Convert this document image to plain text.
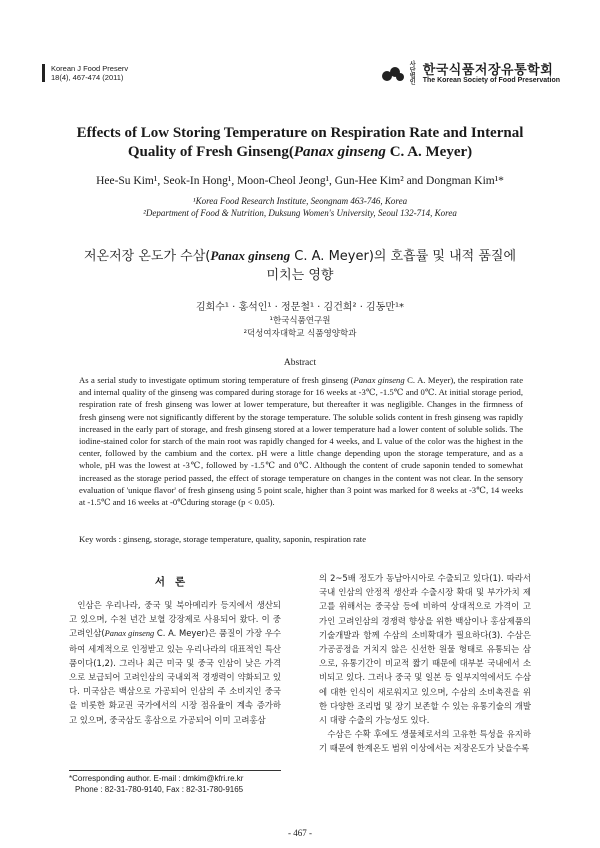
Korean J Food Preserv
18(4), 467-474 (2011)
사단법인
한국식품저장유통학회
The Korean Society of Food Preservation
Effects of Low Storing Temperature on Respiration Rate and Internal
Quality of Fresh Ginseng(Panax ginseng C. A. Meyer)
Hee-Su Kim¹, Seok-In Hong¹, Moon-Cheol Jeong¹, Gun-Hee Kim² and Dongman Kim¹*
¹Korea Food Research Institute, Seongnam 463-746, Korea
²Department of Food & Nutrition, Duksung Women's University, Seoul 132-714, Korea
저온저장 온도가 수삼(Panax ginseng C. A. Meyer)의 호흡률 및 내적 품질에
미치는 영향
김희수¹ · 홍석인¹ · 정문철¹ · 김건희² · 김동만¹*
¹한국식품연구원
²덕성여자대학교 식품영양학과
Abstract
As a serial study to investigate optimum storing temperature of fresh ginseng (Panax ginseng C. A. Meyer), the respiration rate and internal quality of the ginseng was compared during storage for 16 weeks at -3℃, -1.5℃ and 0℃. At initial storage period, respiration rate of fresh ginseng was lower at lower temperature, but thereafter it was negligible. Changes in the firmness of fresh ginseng were not significantly different by the storage temperature. The soluble solids content in fresh ginseng was rapidly increased in the early part of storage, and fresh ginseng stored at a lower temperature had a lower content of soluble solids. The iodine-stained color for starch of the main root was rapidly changed for 4 weeks, and L value of the color was the highest in the center, followed by the cambium and the cortex. pH were a little change depending upon the storage temperature, and as a whole, pH was the lowest at -3℃, followed by -1.5℃ and 0℃. Although the content of crude saponin tended to somewhat increased as the storage period passed, the effect of storage temperature on changes in the content was not clear. In the sensory evaluation of 'unique flavor' of fresh ginseng using 5 point scale, higher than 3 point was marked for 8 weeks at -3℃, 14 weeks at -1.5℃ and 16 weeks at -0℃during storage (p < 0.05).
Key words : ginseng, storage, storage temperature, quality, saponin, respiration rate
서론

인삼은 우리나라, 중국 및 북아메리카 등지에서 생산되고 있으며, 수천 년간 보혈 강장제로 사용되어 왔다. 이 중 고려인삼(Panax ginseng C. A. Meyer)은 품질이 가장 우수하여 세계적으로 인정받고 있는 우리나라의 대표적인 특산품이다(1,2). 그러나 최근 미국 및 중국 인삼이 낮은 가격으로 보급되어 고려인삼의 국내외적 경쟁력이 약화되고 있다. 미국삼은 백삼으로 가공되어 인삼의 주 소비지인 중국을 비롯한 화교권 국가에서의 시장 점유율이 계속 증가하고 있으며, 중국삼도 홍삼으로 가공되어 이미 고려홍삼

의 2~5배 정도가 동남아시아로 수출되고 있다(1). 따라서 국내 인삼의 안정적 생산과 수출시장 확대 및 부가가치 제고를 위해서는 중국삼 등에 비하여 상대적으로 가격이 고가인 고려인삼의 경쟁력 향상을 위한 백삼이나 홍삼제품의 기술개발과 함께 수삼의 소비확대가 필요하다(3). 수삼은 가공공정을 거치지 않은 신선한 원물 형태로 유통되는 삼으로, 유통기간이 비교적 짧기 때문에 대부분 국내에서 소비되고 있다. 그러나 중국 및 일본 등 일부지역에서도 수삼에 대한 인식이 새로워지고 있으며, 수삼의 소비촉진을 위한 다양한 조리법 및 장기 보존할 수 있는 유통기술의 개발 시 대량 수출의 가능성도 있다.

수삼은 수확 후에도 생물체로서의 고유한 특성을 유지하기 때문에 한계온도 범위 이상에서는 저장온도가 낮을수록

*Corresponding author. E-mail : dmkim@kfri.re.kr
Phone : 82-31-780-9140, Fax : 82-31-780-9165
- 467 -
